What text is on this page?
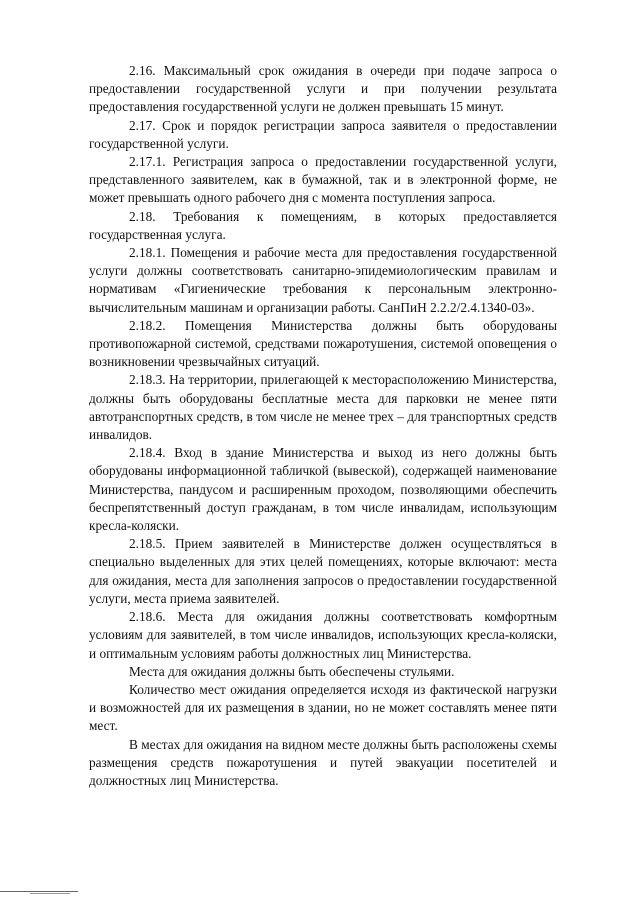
2.16. Максимальный срок ожидания в очереди при подаче запроса о предоставлении государственной услуги и при получении результата предоставления государственной услуги не должен превышать 15 минут.

2.17. Срок и порядок регистрации запроса заявителя о предоставлении государственной услуги.

2.17.1. Регистрация запроса о предоставлении государственной услуги, представленного заявителем, как в бумажной, так и в электронной форме, не может превышать одного рабочего дня с момента поступления запроса.

2.18. Требования к помещениям, в которых предоставляется государственная услуга.

2.18.1. Помещения и рабочие места для предоставления государственной услуги должны соответствовать санитарно-эпидемиологическим правилам и нормативам «Гигиенические требования к персональным электронно-вычислительным машинам и организации работы. СанПиН 2.2.2/2.4.1340-03».

2.18.2. Помещения Министерства должны быть оборудованы противопожарной системой, средствами пожаротушения, системой оповещения о возникновении чрезвычайных ситуаций.

2.18.3. На территории, прилегающей к месторасположению Министерства, должны быть оборудованы бесплатные места для парковки не менее пяти автотранспортных средств, в том числе не менее трех – для транспортных средств инвалидов.

2.18.4. Вход в здание Министерства и выход из него должны быть оборудованы информационной табличкой (вывеской), содержащей наименование Министерства, пандусом и расширенным проходом, позволяющими обеспечить беспрепятственный доступ гражданам, в том числе инвалидам, использующим кресла-коляски.

2.18.5. Прием заявителей в Министерстве должен осуществляться в специально выделенных для этих целей помещениях, которые включают: места для ожидания, места для заполнения запросов о предоставлении государственной услуги, места приема заявителей.

2.18.6. Места для ожидания должны соответствовать комфортным условиям для заявителей, в том числе инвалидов, использующих кресла-коляски, и оптимальным условиям работы должностных лиц Министерства.

Места для ожидания должны быть обеспечены стульями.

Количество мест ожидания определяется исходя из фактической нагрузки и возможностей для их размещения в здании, но не может составлять менее пяти мест.

В местах для ожидания на видном месте должны быть расположены схемы размещения средств пожаротушения и путей эвакуации посетителей и должностных лиц Министерства.
